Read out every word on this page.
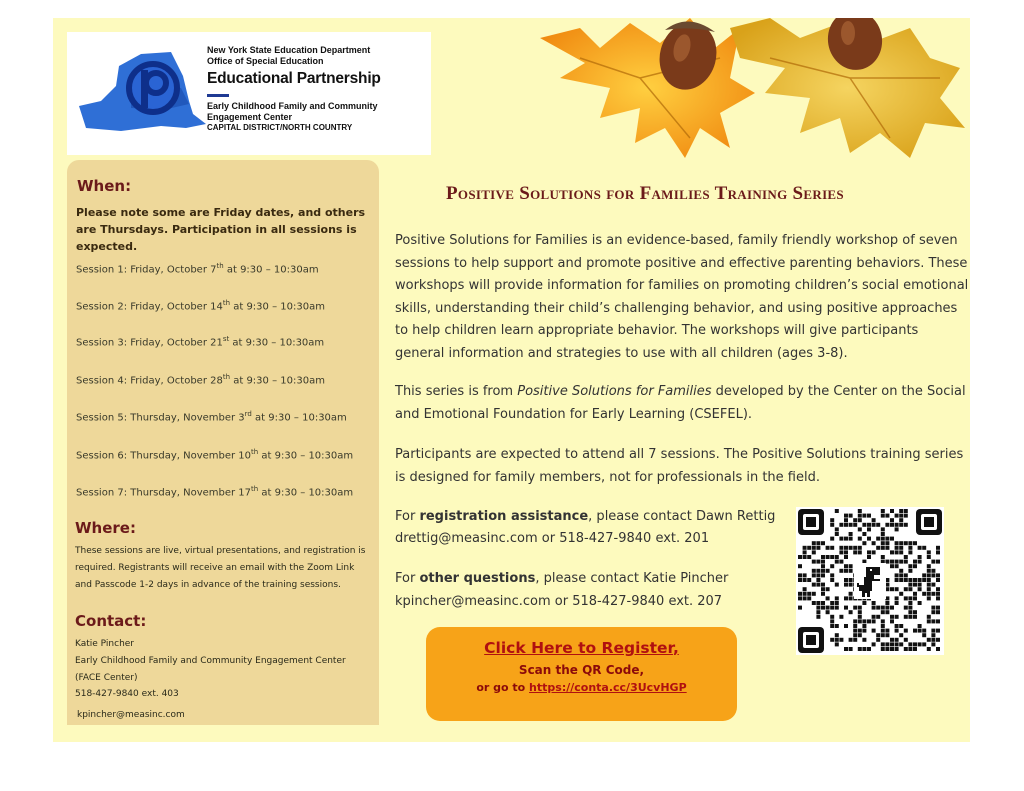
New York State Education Department
Office of Special Education
Educational Partnership
Early Childhood Family and Community Engagement Center
CAPITAL DISTRICT/NORTH COUNTRY
When:
Please note some are Friday dates, and others are Thursdays. Participation in all sessions is expected.
Session 1: Friday, October 7th at 9:30 – 10:30am
Session 2: Friday, October 14th at 9:30 – 10:30am
Session 3: Friday, October 21st at 9:30 – 10:30am
Session 4: Friday, October 28th at 9:30 – 10:30am
Session 5: Thursday, November 3rd at 9:30 – 10:30am
Session 6: Thursday, November 10th at 9:30 – 10:30am
Session 7: Thursday, November 17th at 9:30 – 10:30am
Where:
These sessions are live, virtual presentations, and registration is required. Registrants will receive an email with the Zoom Link and Passcode 1-2 days in advance of the training sessions.
Contact:
Katie Pincher
Early Childhood Family and Community Engagement Center
(FACE Center)
518-427-9840 ext. 403
kpincher@measinc.com
Positive Solutions for Families Training Series
Positive Solutions for Families is an evidence-based, family friendly workshop of seven sessions to help support and promote positive and effective parenting behaviors. These workshops will provide information for families on promoting children’s social emotional skills, understanding their child’s challenging behavior, and using positive approaches to help children learn appropriate behavior. The workshops will give participants general information and strategies to use with all children (ages 3-8).
This series is from Positive Solutions for Families developed by the Center on the Social and Emotional Foundation for Early Learning (CSEFEL).
Participants are expected to attend all 7 sessions. The Positive Solutions training series is designed for family members, not for professionals in the field.
For registration assistance, please contact Dawn Rettig
drettig@measinc.com or 518-427-9840 ext. 201
For other questions, please contact Katie Pincher
kpincher@measinc.com or 518-427-9840 ext. 207
Click Here to Register,
Scan the QR Code,
or go to https://conta.cc/3UcvHGP
